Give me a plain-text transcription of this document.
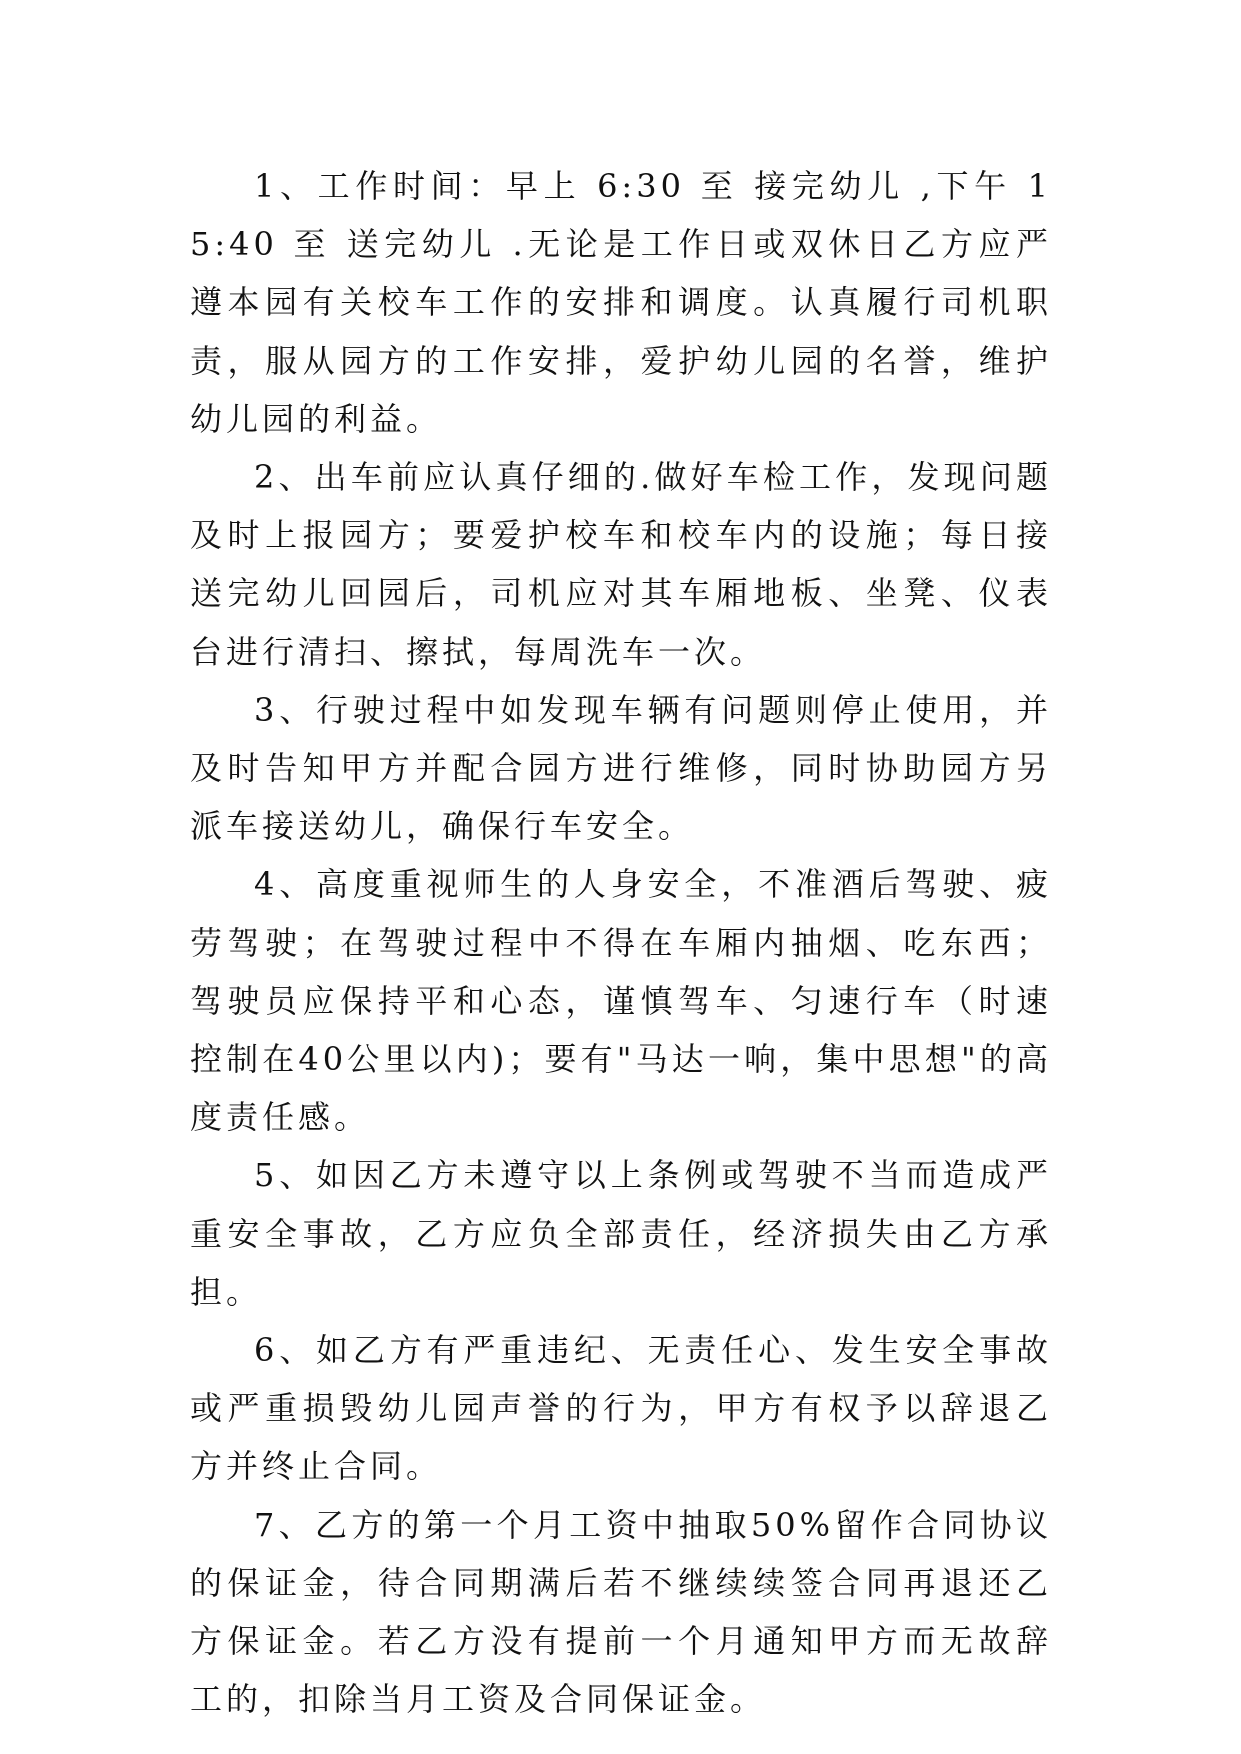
1、工作时间：早上 6:30 至 接完幼儿 ,下午 15:40 至 送完幼儿 .无论是工作日或双休日乙方应严遵本园有关校车工作的安排和调度。认真履行司机职责，服从园方的工作安排，爱护幼儿园的名誉，维护幼儿园的利益。

2、出车前应认真仔细的.做好车检工作，发现问题及时上报园方；要爱护校车和校车内的设施；每日接送完幼儿回园后，司机应对其车厢地板、坐凳、仪表台进行清扫、擦拭，每周洗车一次。

3、行驶过程中如发现车辆有问题则停止使用，并及时告知甲方并配合园方进行维修，同时协助园方另派车接送幼儿，确保行车安全。

4、高度重视师生的人身安全，不准酒后驾驶、疲劳驾驶；在驾驶过程中不得在车厢内抽烟、吃东西；驾驶员应保持平和心态，谨慎驾车、匀速行车（时速控制在40公里以内)；要有"马达一响，集中思想"的高度责任感。

5、如因乙方未遵守以上条例或驾驶不当而造成严重安全事故，乙方应负全部责任，经济损失由乙方承担。

6、如乙方有严重违纪、无责任心、发生安全事故或严重损毁幼儿园声誉的行为，甲方有权予以辞退乙方并终止合同。

7、乙方的第一个月工资中抽取50%留作合同协议的保证金，待合同期满后若不继续续签合同再退还乙方保证金。若乙方没有提前一个月通知甲方而无故辞工的，扣除当月工资及合同保证金。
